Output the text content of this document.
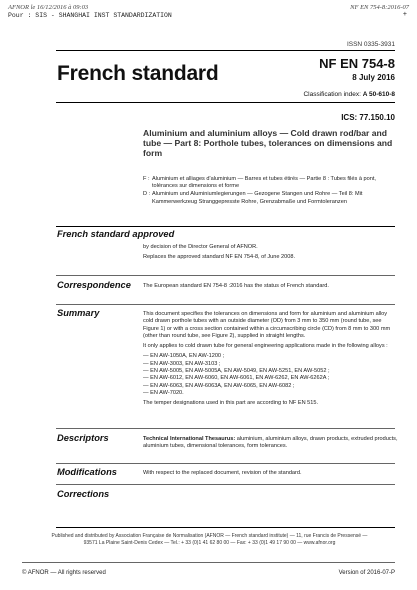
AFNOR le 16/12/2016 à 09:03	NF EN 754-8:2016-07
Pour : SIS - SHANGHAI INST STANDARDIZATION	+
ISSN 0335-3931
French standard	NF EN 754-8
8 July 2016
Classification index: A 50-610-8
ICS: 77.150.10
Aluminium and aluminium alloys — Cold drawn rod/bar and tube — Part 8: Porthole tubes, tolerances on dimensions and form
F : Aluminium et alliages d'aluminium — Barres et tubes étirés — Partie 8 : Tubes filés à pont, tolérances sur dimensions et forme
D : Aluminium und Aluminiumlegierungen — Gezogene Stangen und Rohre — Teil 8: Mit Kammerwerkzeug Stranggepresste Rohre, Grenzabmaße und Formtoleranzen
French standard approved

by decision of the Director General of AFNOR.

Replaces the approved standard NF EN 754-8, of June 2008.

Correspondence The European standard EN 754-8 :2016 has the status of French standard.
Summary	This document specifies the tolerances on dimensions and form for aluminium and aluminium alloy cold drawn porthole tubes with an outside diameter (OD) from 3 mm to 350 mm (round tube, see Figure 1) or with a cross section contained within a circumscribing circle (CD) from 8 mm to 300 mm (other than round tube, see Figure 2), supplied in straight lengths.

It only applies to cold drawn tube for general engineering applications made in the following alloys :

— EN AW-1050A, EN AW-1200 ;
— EN AW-3003, EN AW-3103 ;
— EN AW-5005, EN AW-5005A, EN AW-5049, EN AW-5251, EN AW-5052 ;
— EN AW-6012, EN AW-6060, EN AW-6061, EN AW-6262, EN AW-6262A ;
— EN AW-6063, EN AW-6063A, EN AW-6065, EN AW-6082 ;
— EN AW-7020.

The temper designations used in this part are according to NF EN 515.

Descriptors	Technical International Thesaurus: aluminium, aluminium alloys, drawn products, extruded products, aluminium tubes, dimensional tolerances, form tolerances.
Modifications	With respect to the replaced document, revision of the standard.
Corrections
Published and distributed by Association Française de Normalisation (AFNOR — French standard institute) — 11, rue Francis de Pressensé —
93571 La Plaine Saint-Denis Cedex — Tel.: + 33 (0)1 41 62 80 00 — Fax: + 33 (0)1 49 17 90 00 — www.afnor.org
© AFNOR — All rights reserved	Version of 2016-07-P
